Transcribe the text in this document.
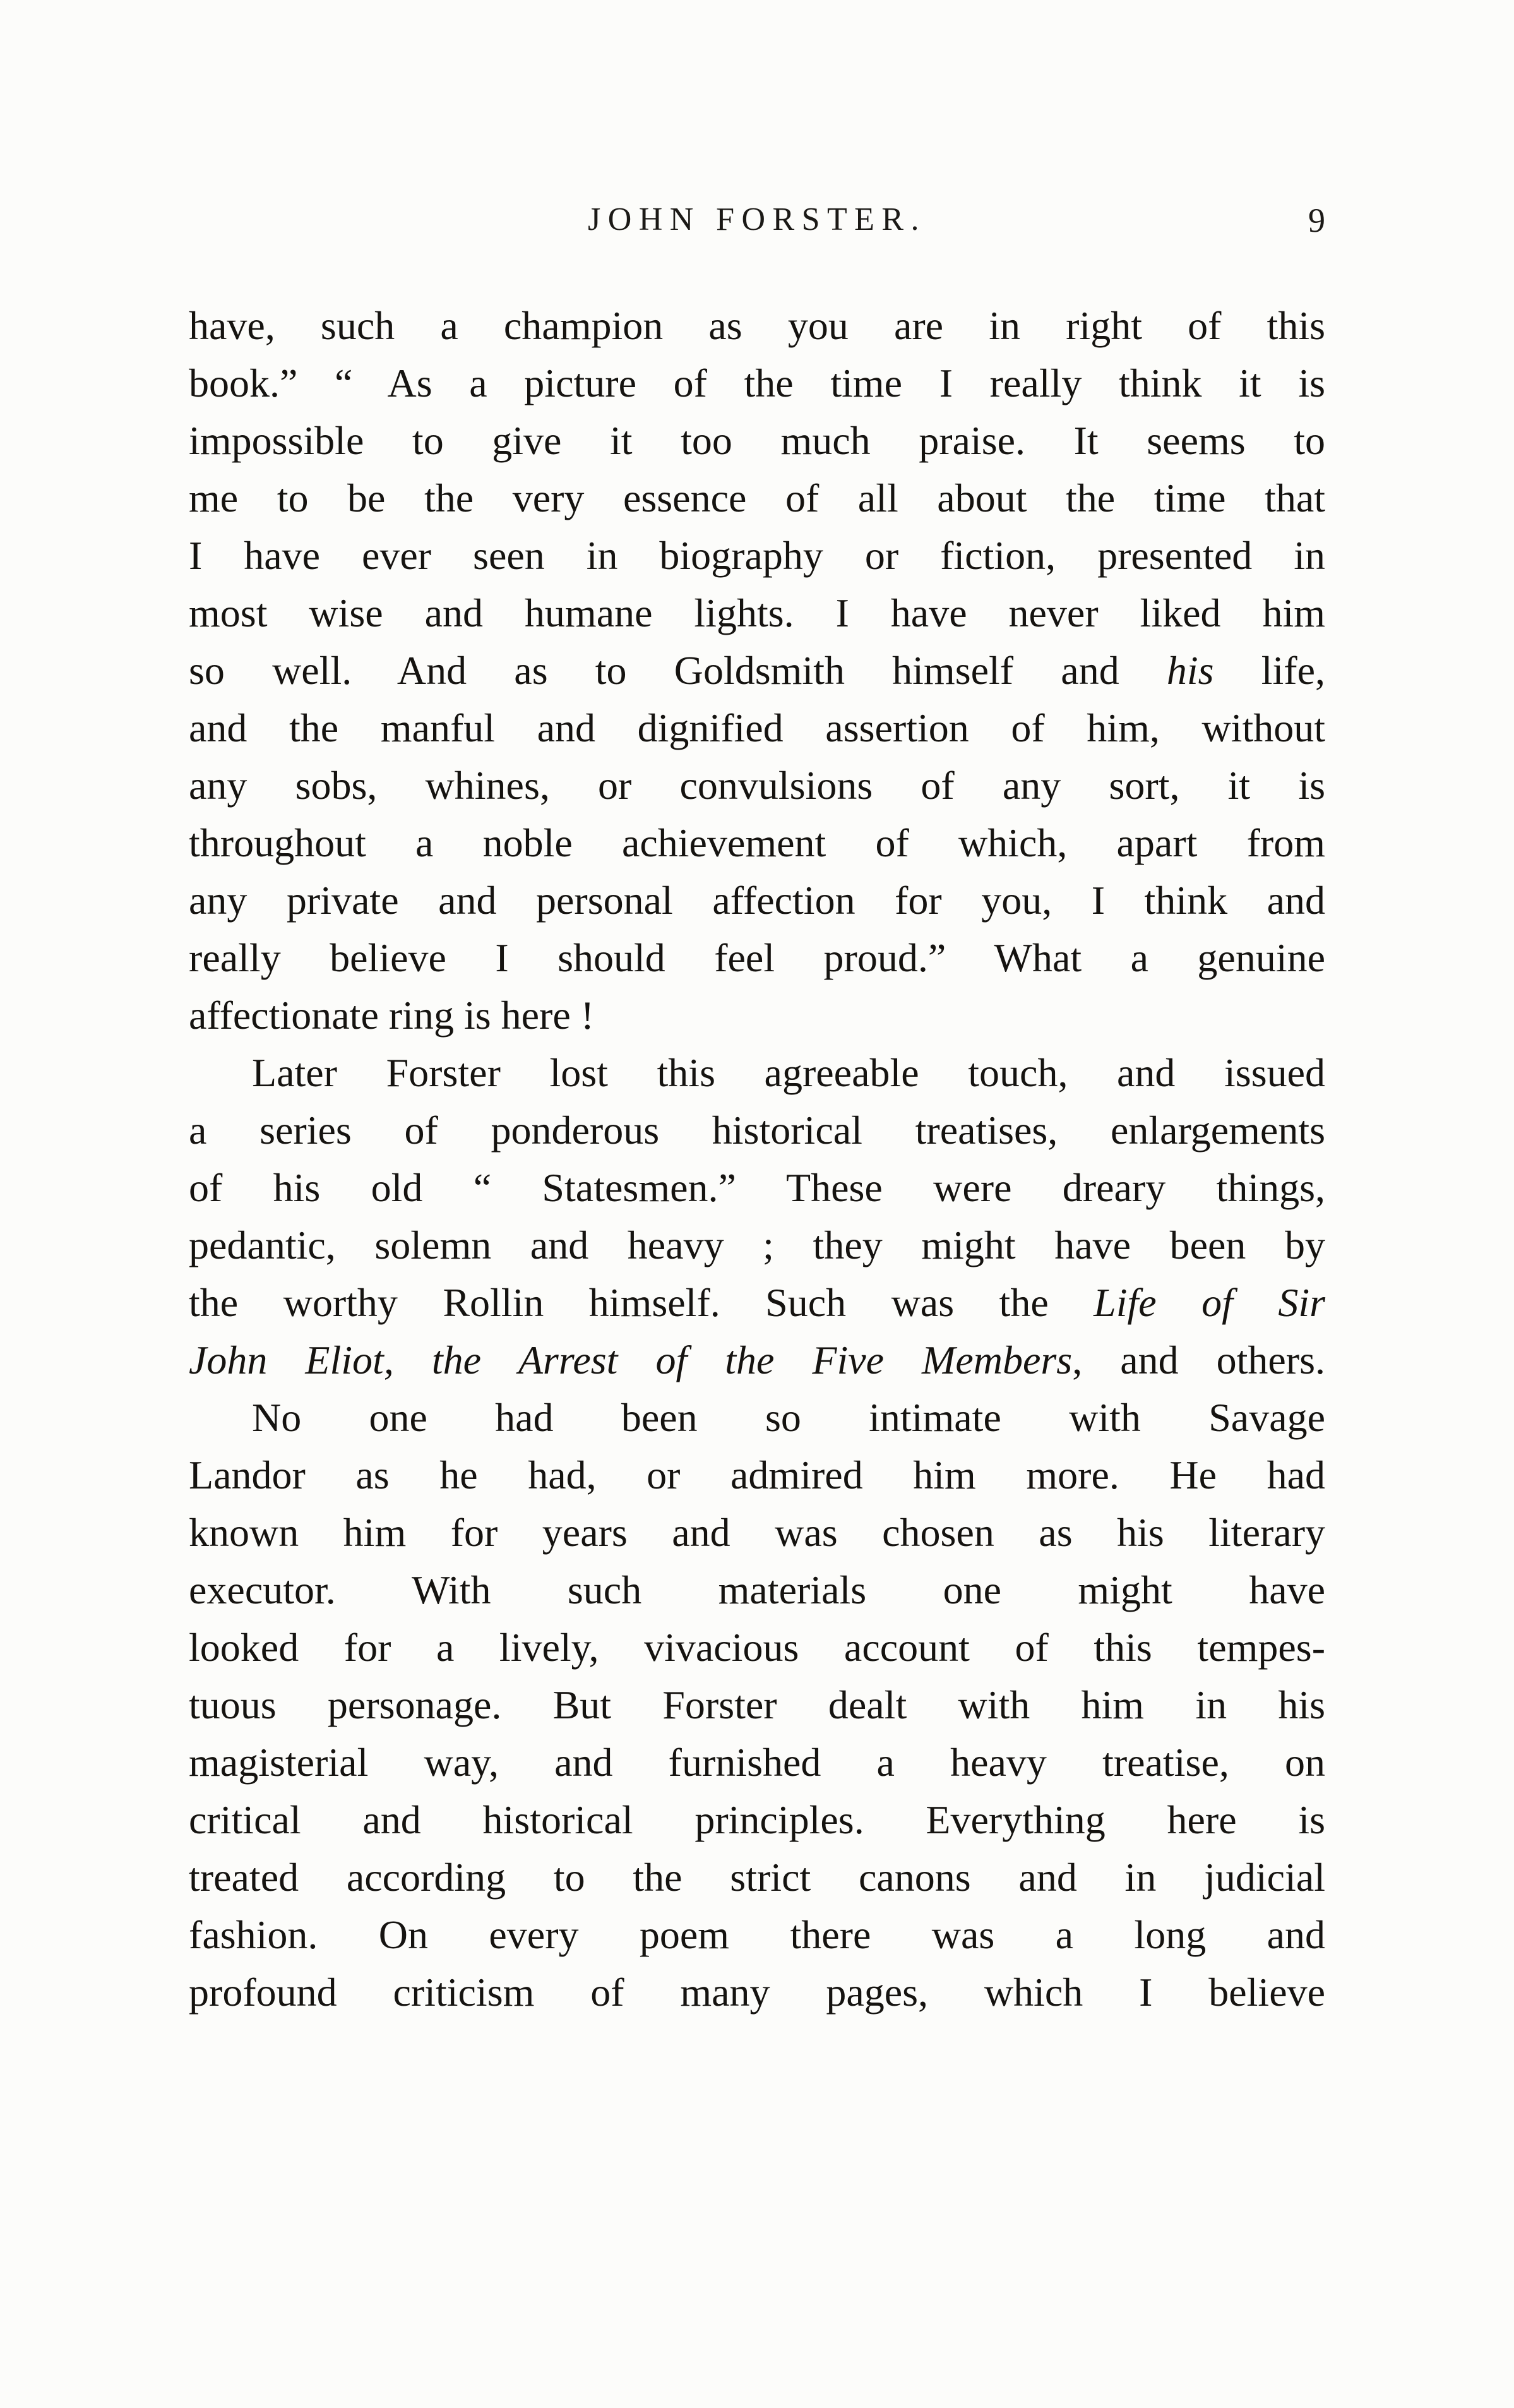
JOHN FORSTER.	9
have, such a champion as you are in right of this
book.” “ As a picture of the time I really think it is
impossible to give it too much praise. It seems to
me to be the very essence of all about the time that
I have ever seen in biography or fiction, presented in
most wise and humane lights. I have never liked him
so well. And as to Goldsmith himself and his life,
and the manful and dignified assertion of him, without
any sobs, whines, or convulsions of any sort, it is
throughout a noble achievement of which, apart from
any private and personal affection for you, I think and
really believe I should feel proud.” What a genuine
affectionate ring is here !
Later Forster lost this agreeable touch, and issued
a series of ponderous historical treatises, enlargements
of his old “ Statesmen.” These were dreary things,
pedantic, solemn and heavy ; they might have been by
the worthy Rollin himself. Such was the Life of Sir
John Eliot, the Arrest of the Five Members, and others.
No one had been so intimate with Savage
Landor as he had, or admired him more. He had
known him for years and was chosen as his literary
executor. With such materials one might have
looked for a lively, vivacious account of this tempes-
tuous personage. But Forster dealt with him in his
magisterial way, and furnished a heavy treatise, on
critical and historical principles. Everything here is
treated according to the strict canons and in judicial
fashion. On every poem there was a long and
profound criticism of many pages, which I believe
